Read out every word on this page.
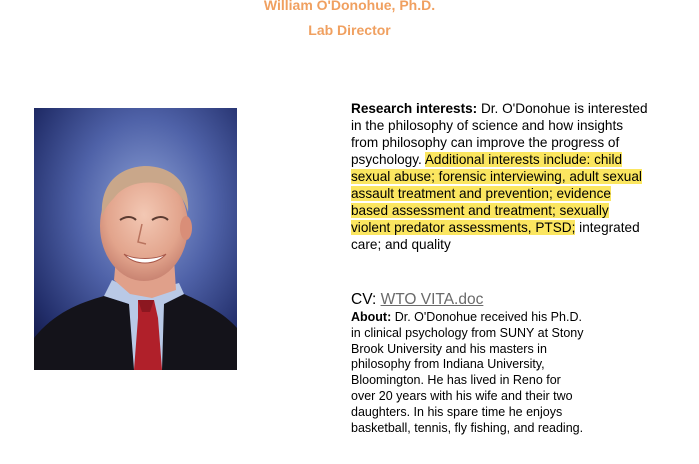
William O'Donohue, Ph.D.
Lab Director
Research interests: Dr. O'Donohue is interested in the philosophy of science and how insights from philosophy can improve the progress of psychology. Additional interests include: child sexual abuse; forensic interviewing, adult sexual assault treatment and prevention; evidence based assessment and treatment; sexually violent predator assessments, PTSD; integrated care; and quality
CV: WTO VITA.doc
About: Dr. O'Donohue received his Ph.D. in clinical psychology from SUNY at Stony Brook University and his masters in philosophy from Indiana University, Bloomington. He has lived in Reno for over 20 years with his wife and their two daughters. In his spare time he enjoys basketball, tennis, fly fishing, and reading.
